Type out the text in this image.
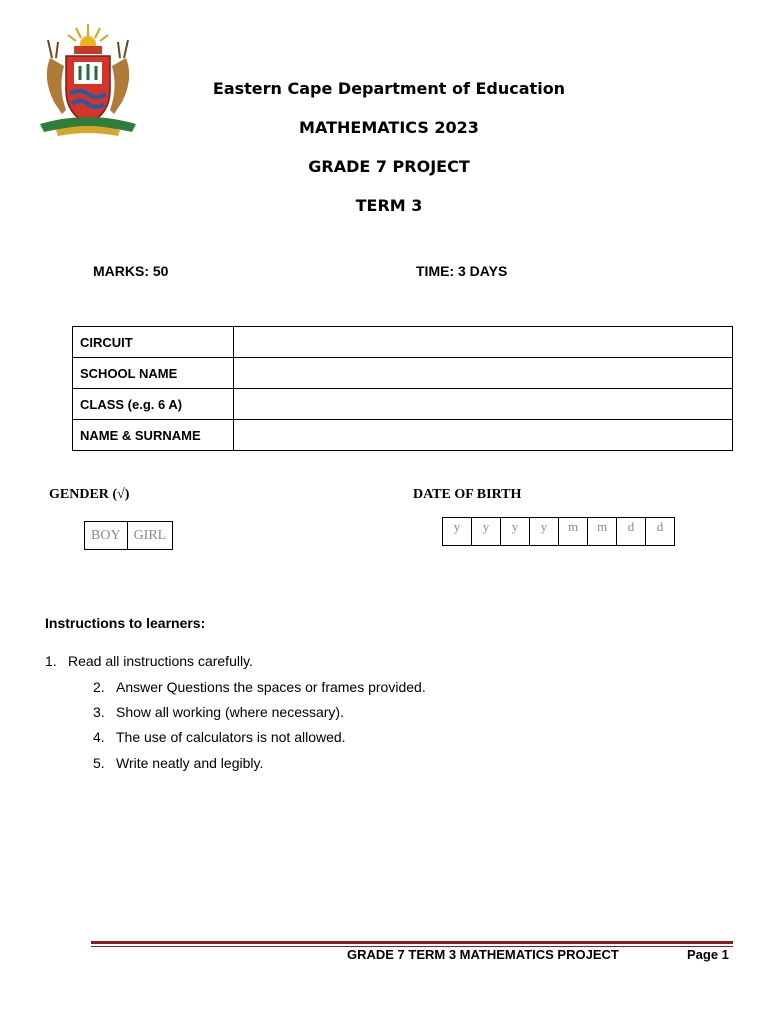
Eastern Cape Department of Education
MATHEMATICS 2023
GRADE 7 PROJECT
TERM 3
MARKS: 50	TIME: 3 DAYS
CIRCUIT	
SCHOOL NAME	
CLASS (e.g. 6 A)	
NAME & SURNAME	
GENDER (√)	DATE OF BIRTH
BOY GIRL
y	y	y	y	m	m	d	d
Instructions to learners:
1. Read all instructions carefully.
2. Answer Questions the spaces or frames provided.
3. Show all working (where necessary).
4. The use of calculators is not allowed.
5. Write neatly and legibly.
GRADE 7 TERM 3 MATHEMATICS PROJECT	Page 1
